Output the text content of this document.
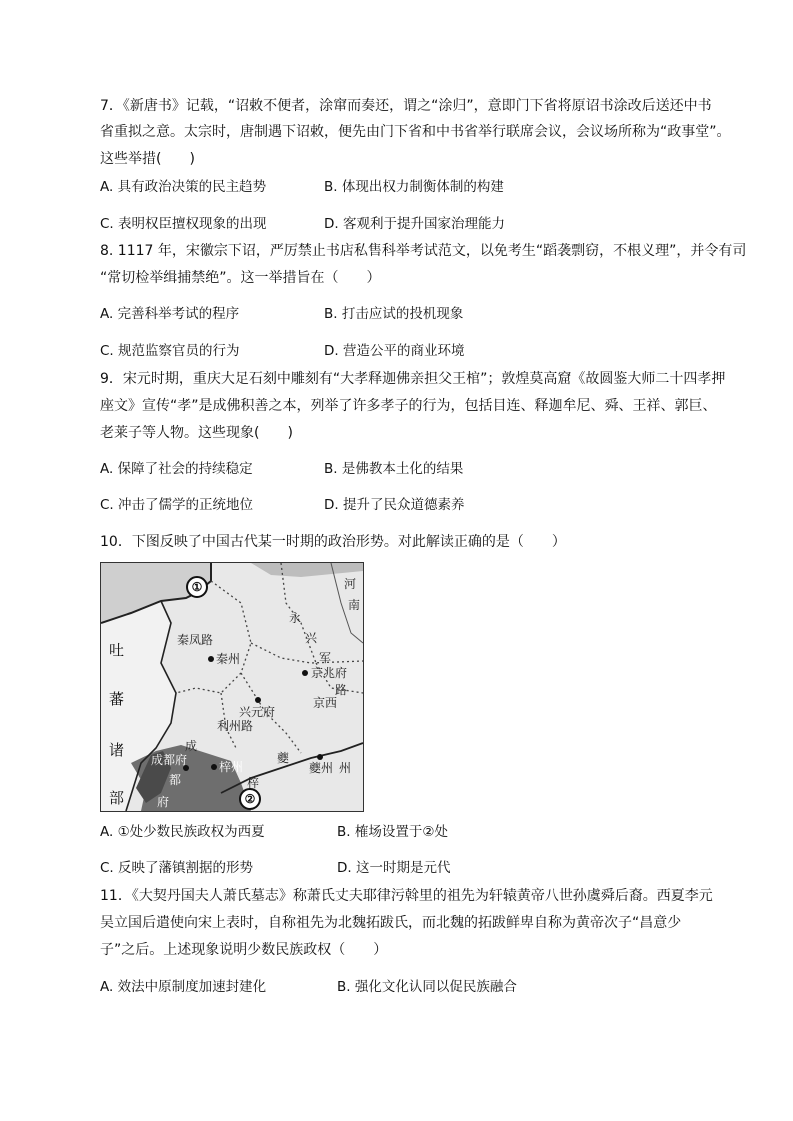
7．《新唐书》记载，“诏敕不便者，涂窜而奏还，谓之“涂归”，意即门下省将原诏书涂改后送还中书
省重拟之意。太宗时，唐制遇下诏敕，便先由门下省和中书省举行联席会议，会议场所称为“政事堂”。
这些举措(　　)
A. 具有政治决策的民主趋势	B. 体现出权力制衡体制的构建
C. 表明权臣擅权现象的出现	D. 客观利于提升国家治理能力
8. 1117 年，宋徽宗下诏，严厉禁止书店私售科举考试范文，以免考生“蹈袭剽窃，不根义理”，并令有司
“常切检举缉捕禁绝”。这一举措旨在（　　）
A. 完善科举考试的程序	B. 打击应试的投机现象
C. 规范监察官员的行为	D. 营造公平的商业环境
9．宋元时期，重庆大足石刻中雕刻有“大孝释迦佛亲担父王棺”；敦煌莫高窟《故圆鉴大师二十四孝押
座文》宣传“孝”是成佛积善之本，列举了许多孝子的行为，包括目连、释迦牟尼、舜、王祥、郭巨、
老莱子等人物。这些现象(　　)
A. 保障了社会的持续稳定	B. 是佛教本土化的结果
C. 冲击了儒学的正统地位	D. 提升了民众道德素养
10．下图反映了中国古代某一时期的政治形势。对此解读正确的是（　　）
①
②
永
兴
军
河
南
秦凤路
秦州
京兆府
路
兴元府
利州路
京西
成
都
府
成都府	梓州
梓
夔
夔州 州
吐
蕃
诸
部
A. ①处少数民族政权为西夏	B. 榷场设置于②处
C. 反映了藩镇割据的形势	D. 这一时期是元代
11．《大契丹国夫人萧氏墓志》称萧氏丈夫耶律污斡里的祖先为轩辕黄帝八世孙虞舜后裔。西夏李元
吴立国后遣使向宋上表时，自称祖先为北魏拓跋氏，而北魏的拓跋鲜卑自称为黄帝次子“昌意少
子”之后。上述现象说明少数民族政权（　　）
A. 效法中原制度加速封建化	B. 强化文化认同以促民族融合
